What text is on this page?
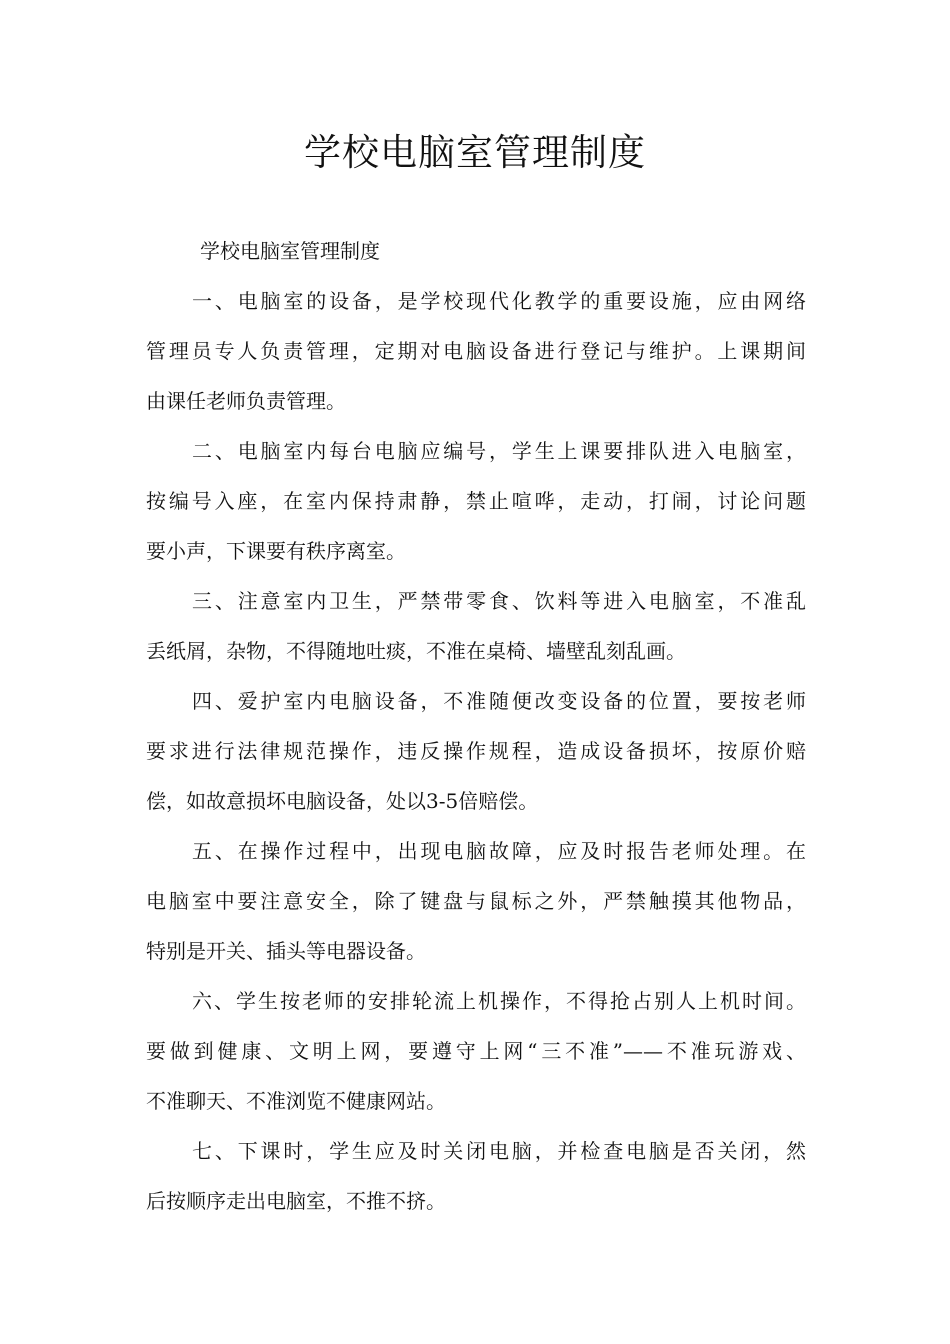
学校电脑室管理制度
学校电脑室管理制度
一、电脑室的设备，是学校现代化教学的重要设施，应由网络
管理员专人负责管理，定期对电脑设备进行登记与维护。上课期间
由课任老师负责管理。
二、电脑室内每台电脑应编号，学生上课要排队进入电脑室，
按编号入座，在室内保持肃静，禁止喧哗，走动，打闹，讨论问题
要小声，下课要有秩序离室。
三、注意室内卫生，严禁带零食、饮料等进入电脑室，不准乱
丢纸屑，杂物，不得随地吐痰，不准在桌椅、墙壁乱刻乱画。
四、爱护室内电脑设备，不准随便改变设备的位置，要按老师
要求进行法律规范操作，违反操作规程，造成设备损坏，按原价赔
偿，如故意损坏电脑设备，处以3-5倍赔偿。
五、在操作过程中，出现电脑故障，应及时报告老师处理。在
电脑室中要注意安全，除了键盘与鼠标之外，严禁触摸其他物品，
特别是开关、插头等电器设备。
六、学生按老师的安排轮流上机操作，不得抢占别人上机时间。
要做到健康、文明上网，要遵守上网“三不准”——不准玩游戏、
不准聊天、不准浏览不健康网站。
七、下课时，学生应及时关闭电脑，并检查电脑是否关闭，然
后按顺序走出电脑室，不推不挤。
